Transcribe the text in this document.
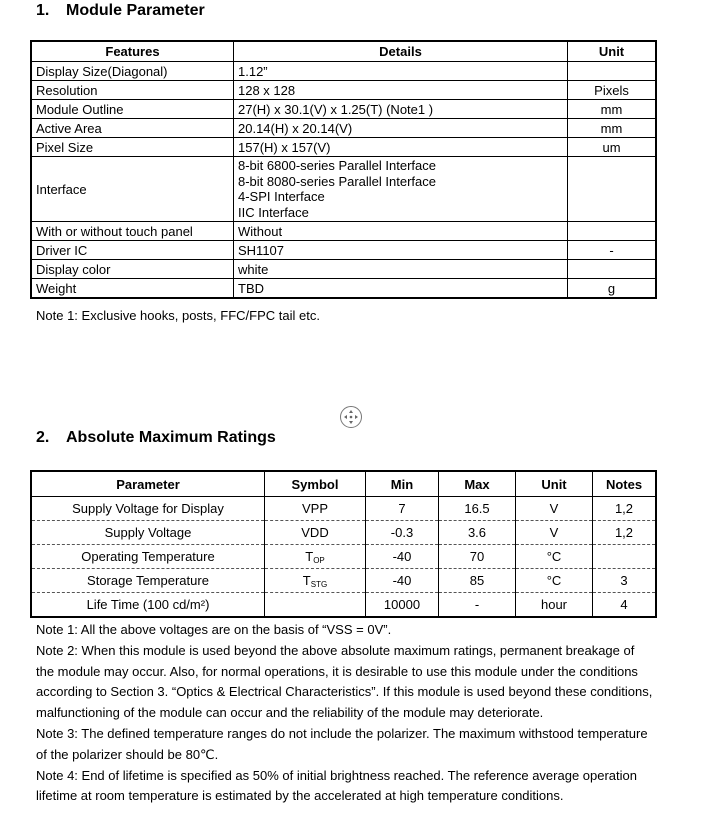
1. Module Parameter
Features	Details	Unit
Display Size(Diagonal)	1.12”	

Resolution	128 x 128	Pixels
Module Outline	27(H) x 30.1(V) x 1.25(T) (Note1 )	mm
Active Area	20.14(H) x 20.14(V)	mm
Pixel Size	157(H) x 157(V)	um
Interface	8-bit 6800-series Parallel Interface
8-bit 8080-series Parallel Interface
4-SPI Interface
IIC Interface	

With or without touch panel	Without	

Driver IC	SH1107	-
Display color	white	

Weight	TBD	g

Note 1: Exclusive hooks, posts, FFC/FPC tail etc.

2. Absolute Maximum Ratings
Parameter	Symbol	Min	Max	Unit	Notes
Supply Voltage for Display	VPP	7	16.5	V	1,2
Supply Voltage	VDD	-0.3	3.6	V	1,2
Operating Temperature	$T_{OP}$	-40	70	°C	
Storage Temperature	$T_{STG}$	-40	85	°C	3
Life Time (100 cd/m²)		10000	-	hour	4

Note 1: All the above voltages are on the basis of “VSS = 0V”.

Note 2: When this module is used beyond the above absolute maximum ratings, permanent breakage of the module may occur. Also, for normal operations, it is desirable to use this module under the conditions according to Section 3. “Optics & Electrical Characteristics”. If this module is used beyond these conditions, malfunctioning of the module can occur and the reliability of the module may deteriorate.

Note 3: The defined temperature ranges do not include the polarizer. The maximum withstood temperature of the polarizer should be 80℃.

Note 4: End of lifetime is specified as 50% of initial brightness reached. The reference average operation lifetime at room temperature is estimated by the accelerated at high temperature conditions.
